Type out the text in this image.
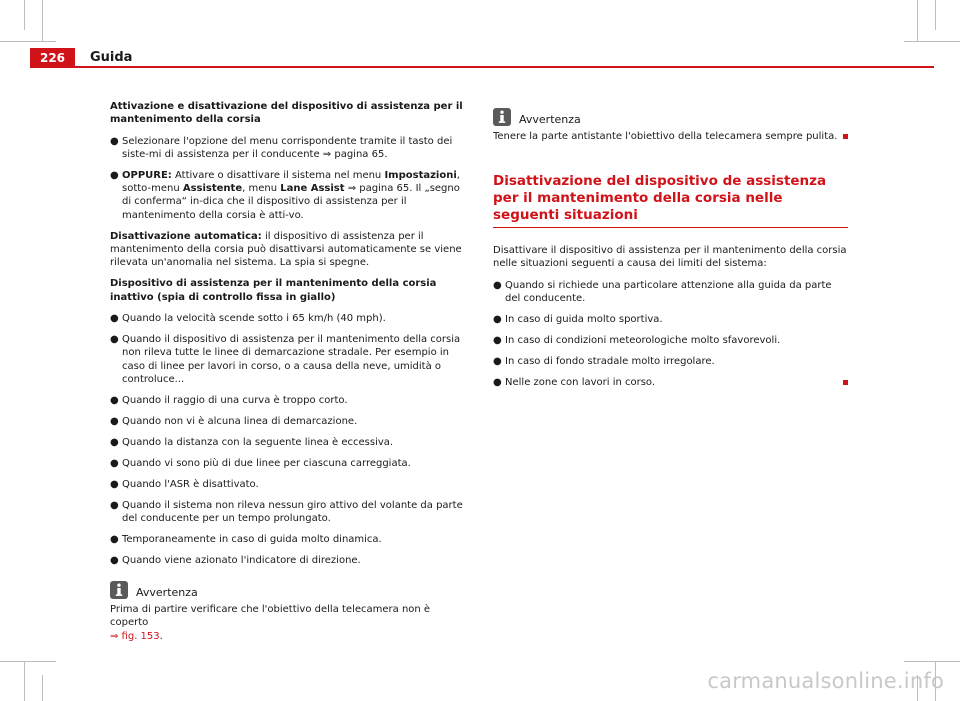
226	Guida

Attivazione e disattivazione del dispositivo di assistenza per il mantenimento della corsia

● Selezionare l'opzione del menu corrispondente tramite il tasto dei siste-mi di assistenza per il conducente ⇒ pagina 65.
● OPPURE: Attivare o disattivare il sistema nel menu Impostazioni, sotto-menu Assistente, menu Lane Assist ⇒ pagina 65. Il „segno di conferma“ in-dica che il dispositivo di assistenza per il mantenimento della corsia è atti-vo.

Disattivazione automatica: il dispositivo di assistenza per il mantenimento della corsia può disattivarsi automaticamente se viene rilevata un'anomalia nel sistema. La spia si spegne.

Dispositivo di assistenza per il mantenimento della corsia inattivo (spia di controllo fissa in giallo)

● Quando la velocità scende sotto i 65 km/h (40 mph).
● Quando il dispositivo di assistenza per il mantenimento della corsia non rileva tutte le linee di demarcazione stradale. Per esempio in caso di linee per lavori in corso, o a causa della neve, umidità o controluce...
● Quando il raggio di una curva è troppo corto.
● Quando non vi è alcuna linea di demarcazione.
● Quando la distanza con la seguente linea è eccessiva.
● Quando vi sono più di due linee per ciascuna carreggiata.
● Quando l'ASR è disattivato.
● Quando il sistema non rileva nessun giro attivo del volante da parte del conducente per un tempo prolungato.
● Temporaneamente in caso di guida molto dinamica.
● Quando viene azionato l'indicatore di direzione.
Avvertenza

Prima di partire verificare che l'obiettivo della telecamera non è coperto
⇒ fig. 153.

Avvertenza
Tenere la parte antistante l'obiettivo della telecamera sempre pulita.
Disattivazione del dispositivo de assistenza per il mantenimento della corsia nelle seguenti situazioni

Disattivare il dispositivo di assistenza per il mantenimento della corsia nelle situazioni seguenti a causa dei limiti del sistema:

● Quando si richiede una particolare attenzione alla guida da parte del conducente.
● In caso di guida molto sportiva.
● In caso di condizioni meteorologiche molto sfavorevoli.
● In caso di fondo stradale molto irregolare.
● Nelle zone con lavori in corso.
carmanualsonline.info
